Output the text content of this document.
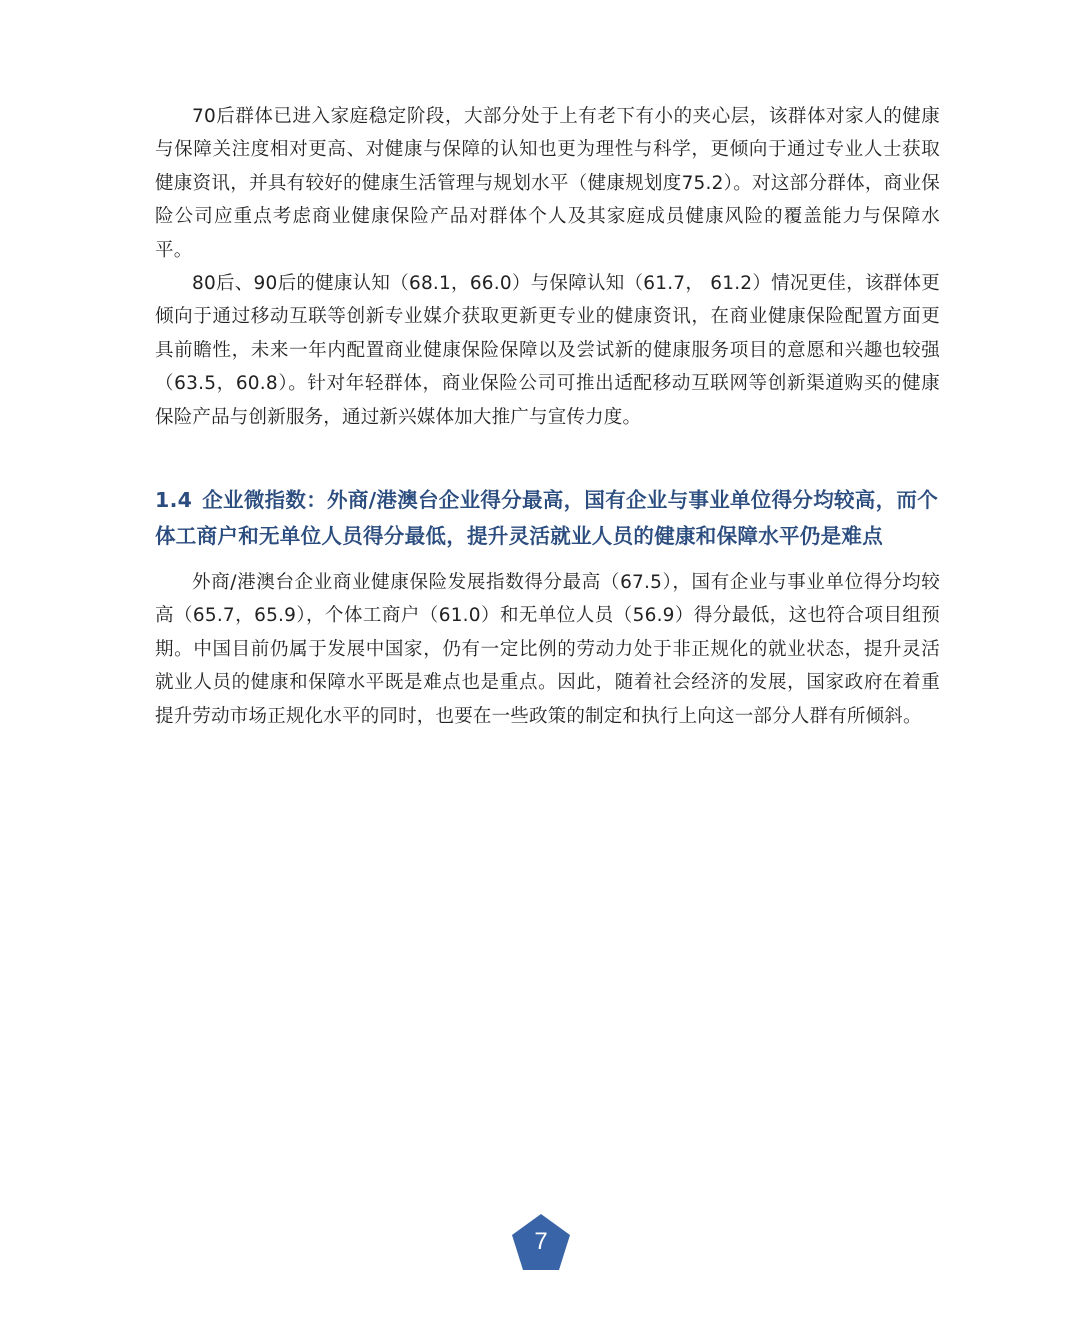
70后群体已进入家庭稳定阶段，大部分处于上有老下有小的夹心层，该群体对家人的健康与保障关注度相对更高、对健康与保障的认知也更为理性与科学，更倾向于通过专业人士获取健康资讯，并具有较好的健康生活管理与规划水平（健康规划度75.2）。对这部分群体，商业保险公司应重点考虑商业健康保险产品对群体个人及其家庭成员健康风险的覆盖能力与保障水平。

80后、90后的健康认知（68.1，66.0）与保障认知（61.7， 61.2）情况更佳，该群体更倾向于通过移动互联等创新专业媒介获取更新更专业的健康资讯，在商业健康保险配置方面更具前瞻性，未来一年内配置商业健康保险保障以及尝试新的健康服务项目的意愿和兴趣也较强（63.5，60.8）。针对年轻群体，商业保险公司可推出适配移动互联网等创新渠道购买的健康保险产品与创新服务，通过新兴媒体加大推广与宣传力度。

1.4 企业微指数：外商/港澳台企业得分最高，国有企业与事业单位得分均较高，而个体工商户和无单位人员得分最低，提升灵活就业人员的健康和保障水平仍是难点

外商/港澳台企业商业健康保险发展指数得分最高（67.5），国有企业与事业单位得分均较高（65.7，65.9），个体工商户（61.0）和无单位人员（56.9）得分最低，这也符合项目组预期。中国目前仍属于发展中国家，仍有一定比例的劳动力处于非正规化的就业状态，提升灵活就业人员的健康和保障水平既是难点也是重点。因此，随着社会经济的发展，国家政府在着重提升劳动市场正规化水平的同时，也要在一些政策的制定和执行上向这一部分人群有所倾斜。

7
